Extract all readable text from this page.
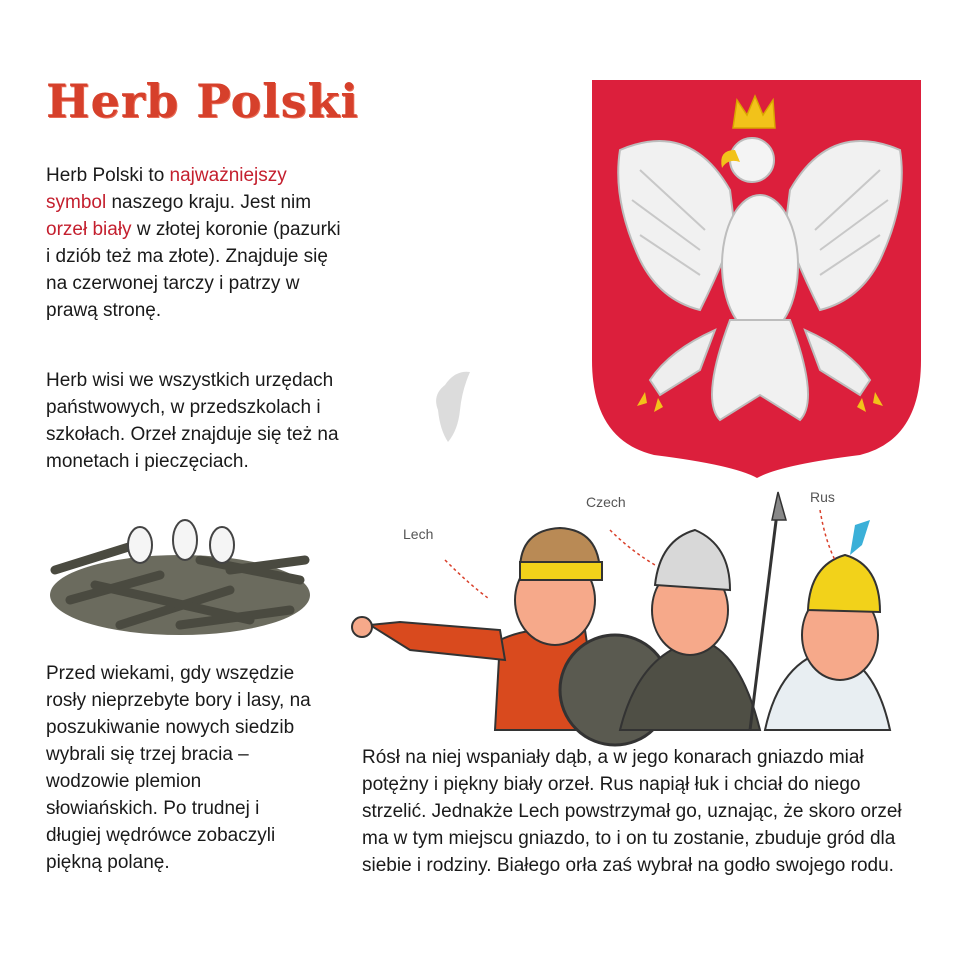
Herb Polski

Herb Polski to najważniejszy symbol naszego kraju. Jest nim orzeł biały w złotej koronie (pazurki i dziób też ma złote). Znajduje się na czerwonej tarczy i patrzy w prawą stronę.

Herb wisi we wszystkich urzędach państwowych, w przedszkolach i szkołach. Orzeł znajduje się też na monetach i pieczęciach.

Przed wiekami, gdy wszędzie rosły nieprzebyte bory i lasy, na poszukiwanie nowych siedzib wybrali się trzej bracia – wodzowie plemion słowiańskich. Po trudnej i długiej wędrówce zobaczyli piękną polanę.

Rósł na niej wspaniały dąb, a w jego konarach gniazdo miał potężny i piękny biały orzeł. Rus napiął łuk i chciał do niego strzelić. Jednakże Lech powstrzymał go, uznając, że skoro orzeł ma w tym miejscu gniazdo, to i on tu zostanie, zbuduje gród dla siebie i rodziny. Białego orła zaś wybrał na godło swojego rodu.

Lech
Czech	Rus
